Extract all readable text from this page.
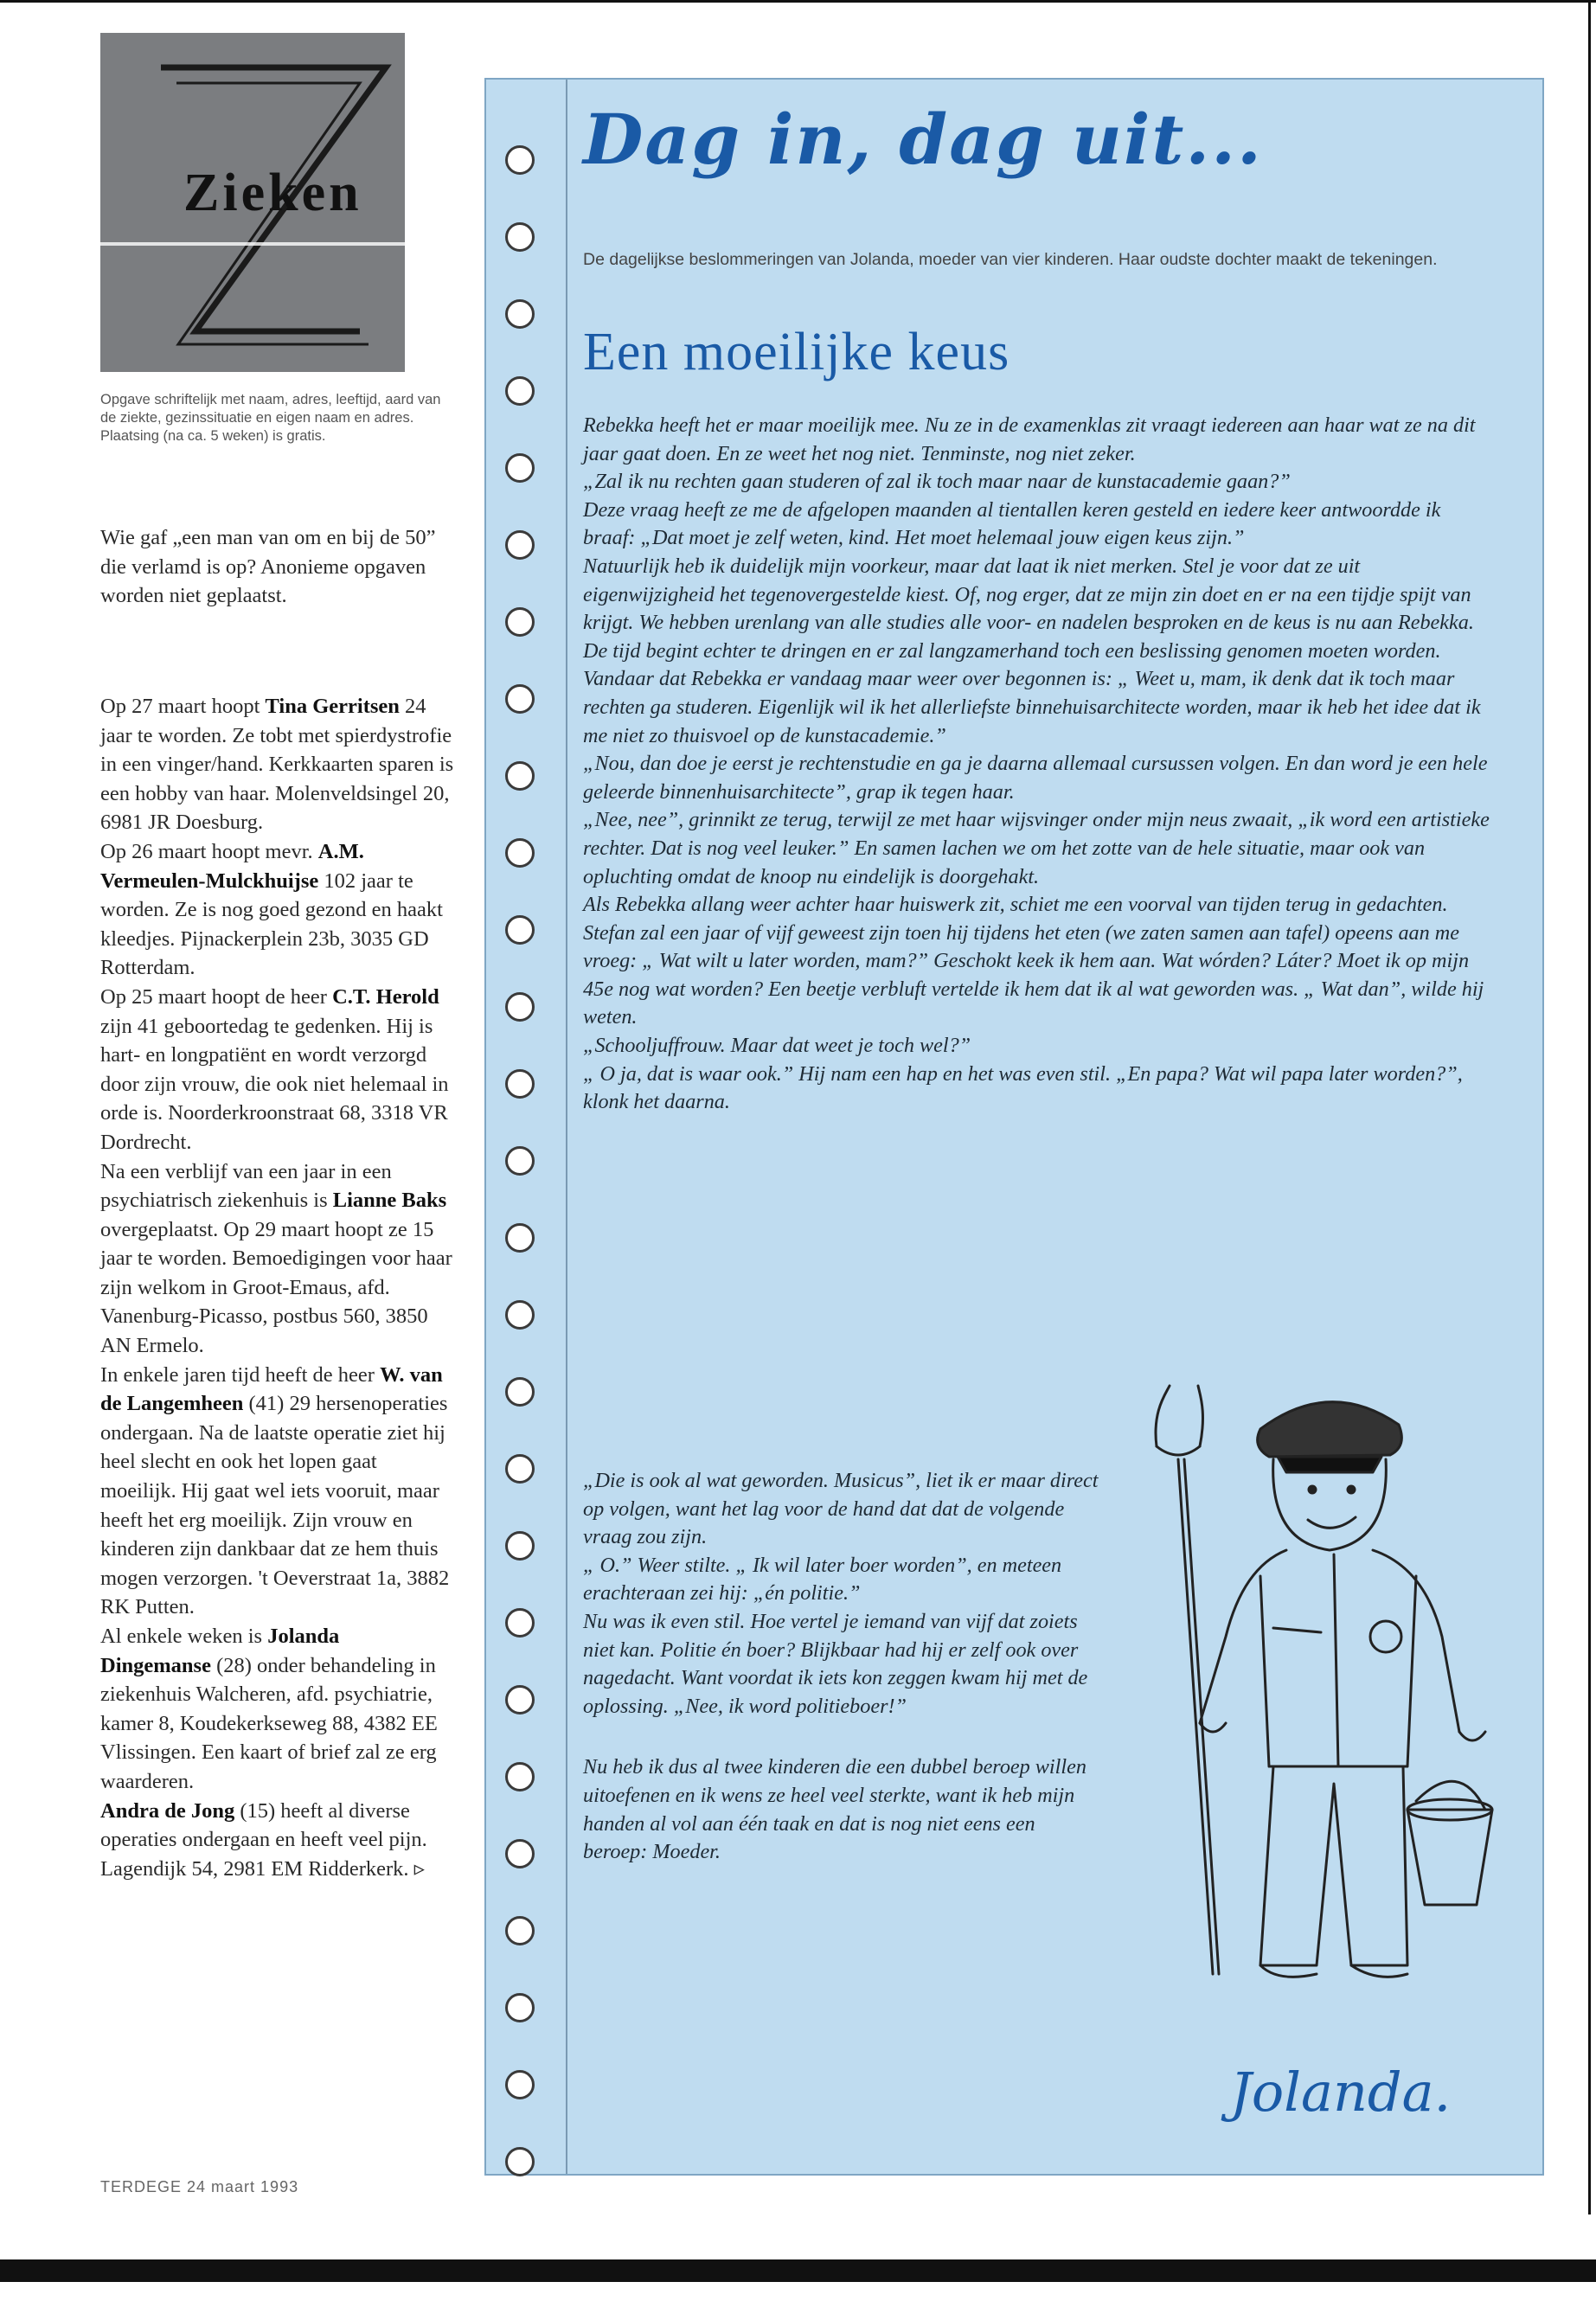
Zieken
Opgave schriftelijk met naam, adres, leeftijd, aard van de ziekte, gezinssituatie en eigen naam en adres. Plaatsing (na ca. 5 weken) is gratis.

Wie gaf „een man van om en bij de 50” die verlamd is op? Anonieme opgaven worden niet geplaatst.

Op 27 maart hoopt Tina Gerritsen 24 jaar te worden. Ze tobt met spierdystrofie in een vinger/hand. Kerkkaarten sparen is een hobby van haar. Molenveldsingel 20, 6981 JR Doesburg.

Op 26 maart hoopt mevr. A.M. Vermeulen-Mulckhuijse 102 jaar te worden. Ze is nog goed gezond en haakt kleedjes. Pijnackerplein 23b, 3035 GD Rotterdam.

Op 25 maart hoopt de heer C.T. Herold zijn 41 geboortedag te gedenken. Hij is hart- en longpatiënt en wordt verzorgd door zijn vrouw, die ook niet helemaal in orde is. Noorderkroonstraat 68, 3318 VR Dordrecht.

Na een verblijf van een jaar in een psychiatrisch ziekenhuis is Lianne Baks overgeplaatst. Op 29 maart hoopt ze 15 jaar te worden. Bemoedigingen voor haar zijn welkom in Groot-Emaus, afd. Vanenburg-Picasso, postbus 560, 3850 AN Ermelo.

In enkele jaren tijd heeft de heer W. van de Langemheen (41) 29 hersenoperaties ondergaan. Na de laatste operatie ziet hij heel slecht en ook het lopen gaat moeilijk. Hij gaat wel iets vooruit, maar heeft het erg moeilijk. Zijn vrouw en kinderen zijn dankbaar dat ze hem thuis mogen verzorgen. 't Oeverstraat 1a, 3882 RK Putten.

Al enkele weken is Jolanda Dingemanse (28) onder behandeling in ziekenhuis Walcheren, afd. psychiatrie, kamer 8, Koudekerkseweg 88, 4382 EE Vlissingen. Een kaart of brief zal ze erg waarderen.

Andra de Jong (15) heeft al diverse operaties ondergaan en heeft veel pijn. Lagendijk 54, 2981 EM Ridderkerk. ▹

TERDEGE 24 maart 1993
Dag in, dag uit...
De dagelijkse beslommeringen van Jolanda, moeder van vier kinderen. Haar oudste dochter maakt de tekeningen.
Een moeilijke keus

Rebekka heeft het er maar moeilijk mee. Nu ze in de examenklas zit vraagt iedereen aan haar wat ze na dit jaar gaat doen. En ze weet het nog niet. Tenminste, nog niet zeker.

„Zal ik nu rechten gaan studeren of zal ik toch maar naar de kunstacademie gaan?”

Deze vraag heeft ze me de afgelopen maanden al tientallen keren gesteld en iedere keer antwoordde ik braaf: „Dat moet je zelf weten, kind. Het moet helemaal jouw eigen keus zijn.”

Natuurlijk heb ik duidelijk mijn voorkeur, maar dat laat ik niet merken. Stel je voor dat ze uit eigenwijzigheid het tegenovergestelde kiest. Of, nog erger, dat ze mijn zin doet en er na een tijdje spijt van krijgt. We hebben urenlang van alle studies alle voor- en nadelen besproken en de keus is nu aan Rebekka.

De tijd begint echter te dringen en er zal langzamerhand toch een beslissing genomen moeten worden.

Vandaar dat Rebekka er vandaag maar weer over begonnen is: „ Weet u, mam, ik denk dat ik toch maar rechten ga studeren. Eigenlijk wil ik het allerliefste binnehuisarchitecte worden, maar ik heb het idee dat ik me niet zo thuisvoel op de kunstacademie.”

„Nou, dan doe je eerst je rechtenstudie en ga je daarna allemaal cursussen volgen. En dan word je een hele geleerde binnenhuisarchitecte”, grap ik tegen haar.

„Nee, nee”, grinnikt ze terug, terwijl ze met haar wijsvinger onder mijn neus zwaait, „ik word een artistieke rechter. Dat is nog veel leuker.” En samen lachen we om het zotte van de hele situatie, maar ook van opluchting omdat de knoop nu eindelijk is doorgehakt.

Als Rebekka allang weer achter haar huiswerk zit, schiet me een voorval van tijden terug in gedachten.

Stefan zal een jaar of vijf geweest zijn toen hij tijdens het eten (we zaten samen aan tafel) opeens aan me vroeg: „ Wat wilt u later worden, mam?” Geschokt keek ik hem aan. Wat wórden? Láter? Moet ik op mijn 45e nog wat worden? Een beetje verbluft vertelde ik hem dat ik al wat geworden was. „ Wat dan”, wilde hij weten.

„Schooljuffrouw. Maar dat weet je toch wel?”

„ O ja, dat is waar ook.” Hij nam een hap en het was even stil. „En papa? Wat wil papa later worden?”, klonk het daarna.

„Die is ook al wat geworden. Musicus”, liet ik er maar direct op volgen, want het lag voor de hand dat dat de volgende vraag zou zijn.

„ O.” Weer stilte. „ Ik wil later boer worden”, en meteen erachteraan zei hij: „én politie.”

Nu was ik even stil. Hoe vertel je iemand van vijf dat zoiets niet kan. Politie én boer? Blijkbaar had hij er zelf ook over nagedacht. Want voordat ik iets kon zeggen kwam hij met de oplossing. „Nee, ik word politieboer!”

Nu heb ik dus al twee kinderen die een dubbel beroep willen uitoefenen en ik wens ze heel veel sterkte, want ik heb mijn handen al vol aan één taak en dat is nog niet eens een beroep: Moeder.

Jolanda.
